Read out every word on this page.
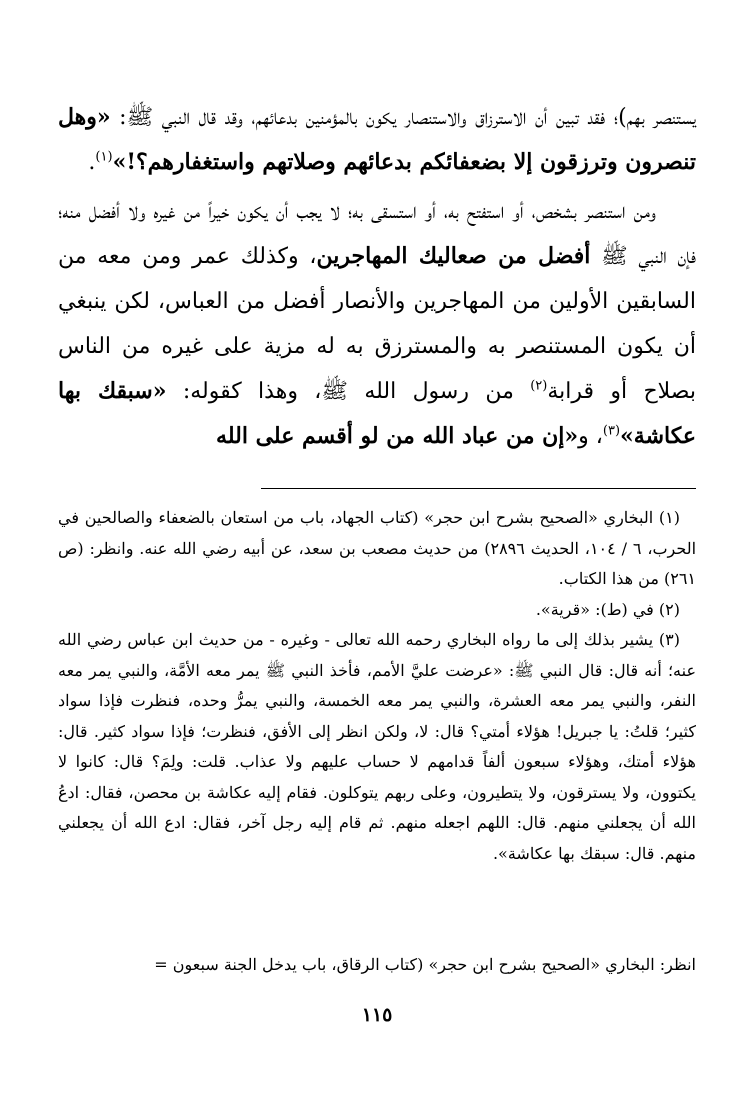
يستنصر بهم)؛ فقد تبين أن الاسترزاق والاستنصار يكون بالمؤمنين بدعائهم، وقد قال النبي ﷺ: «وهل تنصرون وترزقون إلا بضعفائكم بدعائهم وصلاتهم واستغفارهم؟!»$^{(١)}$.

ومن استنصر بشخص، أو استفتح به، أو استسقى به؛ لا يجب أن يكون خيراً من غيره ولا أفضل منه؛ فإن النبي ﷺ أفضل من صعاليك المهاجرين، وكذلك عمر ومن معه من السابقين الأولين من المهاجرين والأنصار أفضل من العباس، لكن ينبغي أن يكون المستنصر به والمسترزق به له مزية على غيره من الناس بصلاح أو قرابة$^{(٢)}$ من رسول الله ﷺ، وهذا كقوله: «سبقك بها عكاشة»$^{(٣)}$، و«إن من عباد الله من لو أقسم على الله

(١) البخاري «الصحيح بشرح ابن حجر» (كتاب الجهاد، باب من استعان بالضعفاء والصالحين في الحرب، ٦ / ١٠٤، الحديث ٢٨٩٦) من حديث مصعب بن سعد، عن أبيه رضي الله عنه. وانظر: (ص ٢٦١) من هذا الكتاب.

(٢) في (ط): «قرية».

(٣) يشير بذلك إلى ما رواه البخاري رحمه الله تعالى - وغيره - من حديث ابن عباس رضي الله عنه؛ أنه قال: قال النبي ﷺ: «عرضت عليَّ الأمم، فأخذ النبي ﷺ يمر معه الأمَّة، والنبي يمر معه النفر، والنبي يمر معه العشرة، والنبي يمر معه الخمسة، والنبي يمرُّ وحده، فنظرت فإذا سواد كثير؛ قلتُ: يا جبريل! هؤلاء أمتي؟ قال: لا، ولكن انظر إلى الأفق، فنظرت؛ فإذا سواد كثير. قال: هؤلاء أمتك، وهؤلاء سبعون ألفاً قدامهم لا حساب عليهم ولا عذاب. قلت: ولِمَ؟ قال: كانوا لا يكتوون، ولا يسترقون، ولا يتطيرون، وعلى ربهم يتوكلون. فقام إليه عكاشة بن محصن، فقال: ادعُ الله أن يجعلني منهم. قال: اللهم اجعله منهم. ثم قام إليه رجل آخر، فقال: ادع الله أن يجعلني منهم. قال: سبقك بها عكاشة».

انظر: البخاري «الصحيح بشرح ابن حجر» (كتاب الرقاق، باب يدخل الجنة سبعون =
١١٥
